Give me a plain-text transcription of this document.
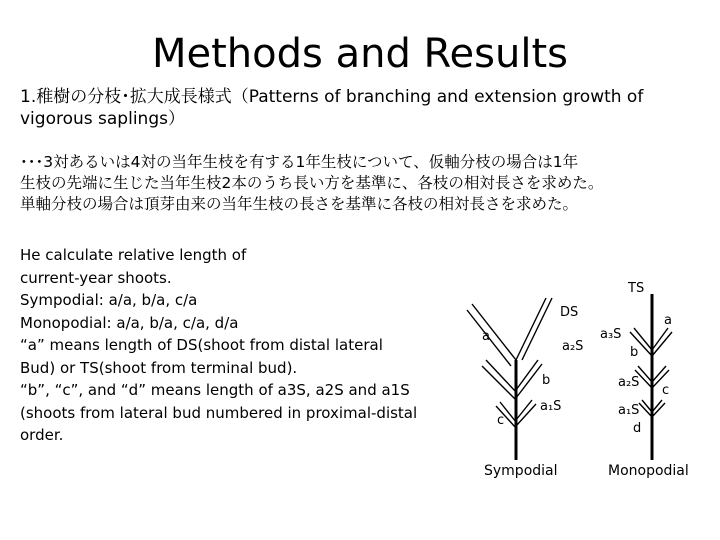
Methods and Results
1.稚樹の分枝･拡大成長様式（Patterns of branching and extension growth of vigorous saplings）
･･･3対あるいは4対の当年生枝を有する1年生枝について、仮軸分枝の場合は1年
生枝の先端に生じた当年生枝2本のうち長い方を基準に、各枝の相対長さを求めた。
単軸分枝の場合は頂芽由来の当年生枝の長さを基準に各枝の相対長さを求めた。
He calculate relative length of
current-year shoots.
Sympodial: a/a, b/a, c/a
Monopodial: a/a, b/a, c/a, d/a
“a” means length of DS(shoot from distal lateral
Bud) or TS(shoot from terminal bud).
“b”, “c”, and “d” means length of a3S, a2S and a1S
(shoots from lateral bud numbered in proximal-distal
order.
DS
a
a₂S
b
a₁S
c
Sympodial
TS
a
a₃S
b
a₂S
c
a₁S
d
Monopodial
